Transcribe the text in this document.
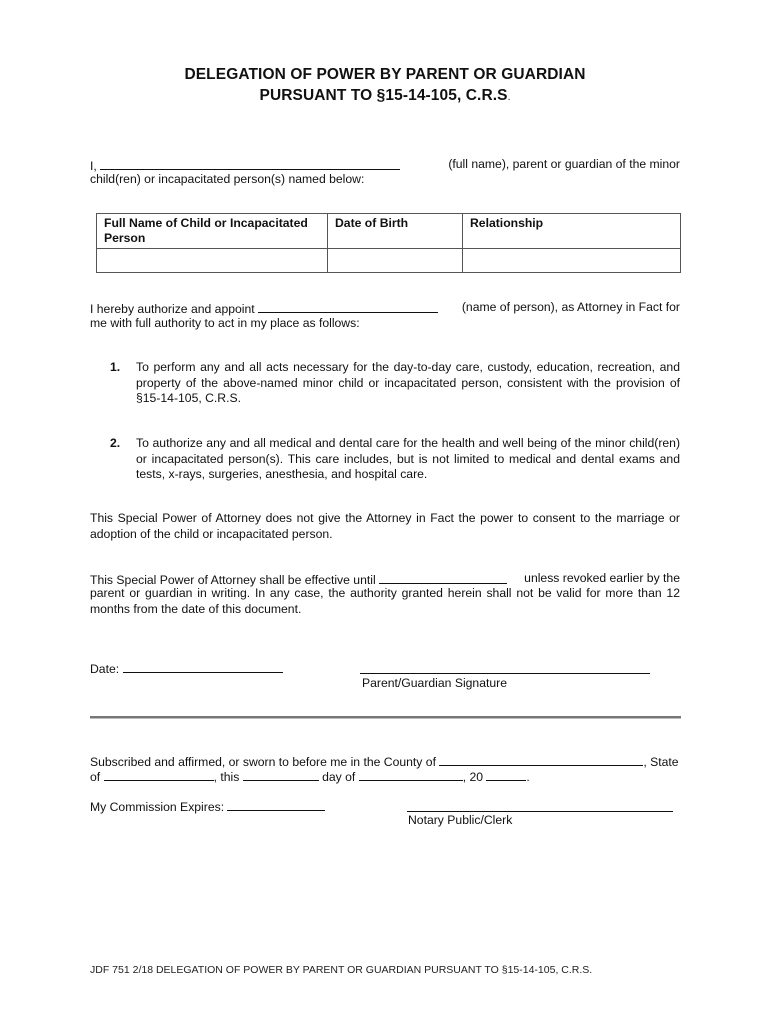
DELEGATION OF POWER BY PARENT OR GUARDIAN
PURSUANT TO §15-14-105, C.R.S.
I,	(full name), parent or guardian of the minor
child(ren) or incapacitated person(s) named below:
Full Name of Child or Incapacitated Person	Date of Birth	Relationship

I hereby authorize and appoint	(name of person), as Attorney in Fact for
me with full authority to act in my place as follows:
1. To perform any and all acts necessary for the day-to-day care, custody, education, recreation, and property of the above-named minor child or incapacitated person, consistent with the provision of §15-14-105, C.R.S.
2. To authorize any and all medical and dental care for the health and well being of the minor child(ren) or incapacitated person(s). This care includes, but is not limited to medical and dental exams and tests, x-rays, surgeries, anesthesia, and hospital care.
This Special Power of Attorney does not give the Attorney in Fact the power to consent to the marriage or adoption of the child or incapacitated person.
This Special Power of Attorney shall be effective until	unless revoked earlier by the
parent or guardian in writing. In any case, the authority granted herein shall not be valid for more than 12 months from the date of this document.
Date:
Parent/Guardian Signature
Subscribed and affirmed, or sworn to before me in the County of	, State
of	, this	day of	, 20	.
My Commission Expires:
Notary Public/Clerk
JDF 751 2/18 DELEGATION OF POWER BY PARENT OR GUARDIAN PURSUANT TO §15-14-105, C.R.S.
